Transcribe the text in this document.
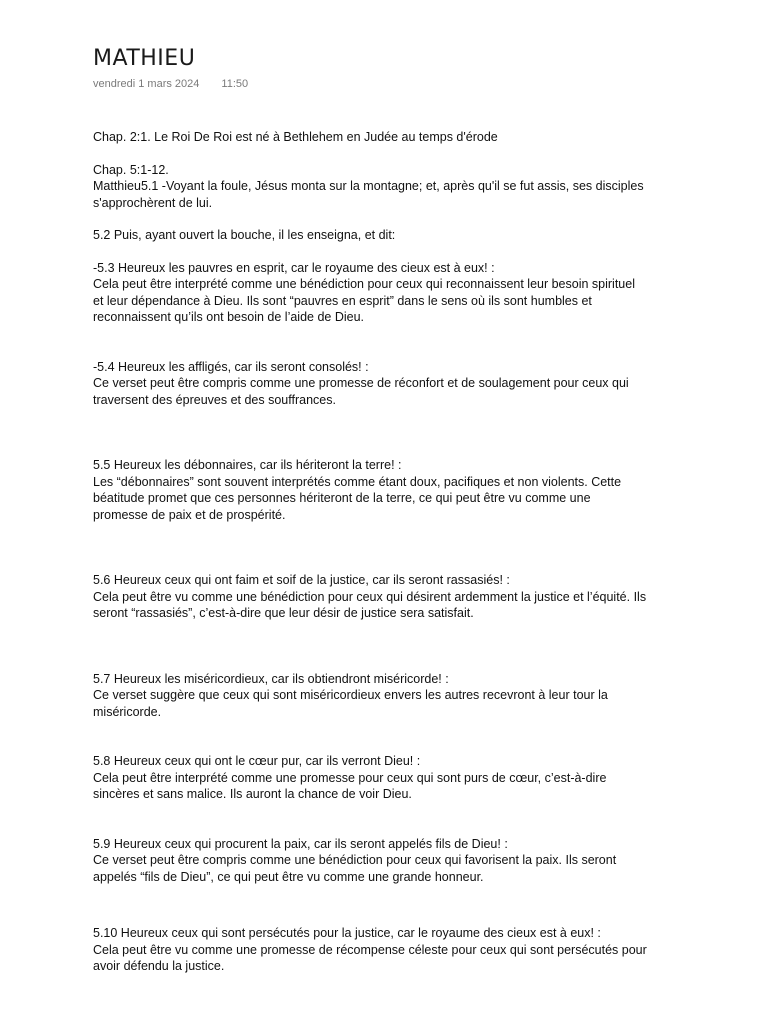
MATHIEU
vendredi 1 mars 2024 11:50

Chap. 2:1. Le Roi De Roi est né à Bethlehem en Judée au temps d'érode

Chap. 5:1-12.
Matthieu5.1 -Voyant la foule, Jésus monta sur la montagne; et, après qu'il se fut assis, ses disciples
s'approchèrent de lui.

5.2 Puis, ayant ouvert la bouche, il les enseigna, et dit:

-5.3 Heureux les pauvres en esprit, car le royaume des cieux est à eux! :
Cela peut être interprété comme une bénédiction pour ceux qui reconnaissent leur besoin spirituel
et leur dépendance à Dieu. Ils sont “pauvres en esprit” dans le sens où ils sont humbles et
reconnaissent qu’ils ont besoin de l’aide de Dieu.

-5.4 Heureux les affligés, car ils seront consolés! :
Ce verset peut être compris comme une promesse de réconfort et de soulagement pour ceux qui
traversent des épreuves et des souffrances.

5.5 Heureux les débonnaires, car ils hériteront la terre! :
Les “débonnaires” sont souvent interprétés comme étant doux, pacifiques et non violents. Cette
béatitude promet que ces personnes hériteront de la terre, ce qui peut être vu comme une
promesse de paix et de prospérité.

5.6 Heureux ceux qui ont faim et soif de la justice, car ils seront rassasiés! :
Cela peut être vu comme une bénédiction pour ceux qui désirent ardemment la justice et l’équité. Ils
seront “rassasiés”, c’est-à-dire que leur désir de justice sera satisfait.

5.7 Heureux les miséricordieux, car ils obtiendront miséricorde! :
Ce verset suggère que ceux qui sont miséricordieux envers les autres recevront à leur tour la
miséricorde.

5.8 Heureux ceux qui ont le cœur pur, car ils verront Dieu! :
Cela peut être interprété comme une promesse pour ceux qui sont purs de cœur, c’est-à-dire
sincères et sans malice. Ils auront la chance de voir Dieu.

5.9 Heureux ceux qui procurent la paix, car ils seront appelés fils de Dieu! :
Ce verset peut être compris comme une bénédiction pour ceux qui favorisent la paix. Ils seront
appelés “fils de Dieu”, ce qui peut être vu comme une grande honneur.

5.10 Heureux ceux qui sont persécutés pour la justice, car le royaume des cieux est à eux! :
Cela peut être vu comme une promesse de récompense céleste pour ceux qui sont persécutés pour
avoir défendu la justice.
